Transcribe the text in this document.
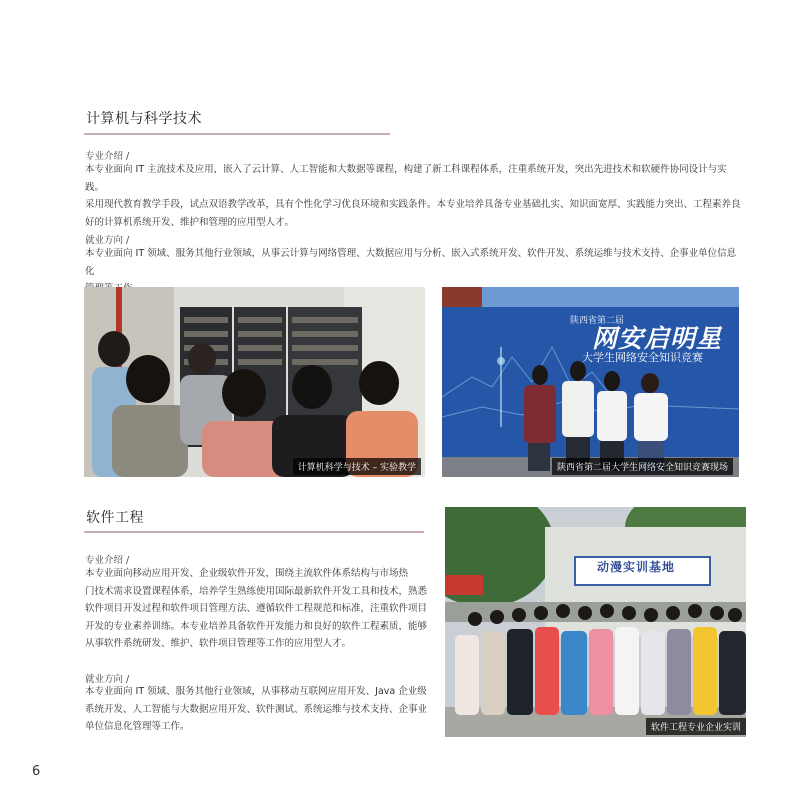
计算机与科学技术
专业介绍 /

本专业面向 IT 主流技术及应用，嵌入了云计算、人工智能和大数据等课程，构建了新工科课程体系，注重系统开发，突出先进技术和软硬件协同设计与实践。
采用现代教育教学手段，试点双语教学改革，具有个性化学习优良环境和实践条件。本专业培养具备专业基础扎实、知识面宽厚、实践能力突出、工程素养良
好的计算机系统开发、维护和管理的应用型人才。

就业方向 /

本专业面向 IT 领域、服务其他行业领域，从事云计算与网络管理、大数据应用与分析、嵌入式系统开发、软件开发、系统运维与技术支持、企事业单位信息化

计算机科学与技术 – 实验教学
陕西省第二届
网安启明星
大学生网络安全知识竞赛
陕西省第二届大学生网络安全知识竞赛现场
软件工程
专业介绍 /

本专业面向移动应用开发、企业级软件开发，围绕主流软件体系结构与市场热
门技术需求设置课程体系，培养学生熟练使用国际最新软件开发工具和技术，熟悉
软件项目开发过程和软件项目管理方法、遵循软件工程规范和标准，注重软件项目
开发的专业素养训练。本专业培养具备软件开发能力和良好的软件工程素质，能够
从事软件系统研发、维护、软件项目管理等工作的应用型人才。

就业方向 /

本专业面向 IT 领域、服务其他行业领域，从事移动互联网应用开发、Java 企业级
系统开发、人工智能与大数据应用开发、软件测试、系统运维与技术支持、企事业
单位信息化管理等工作。

动漫实训基地
软件工程专业企业实训
6
